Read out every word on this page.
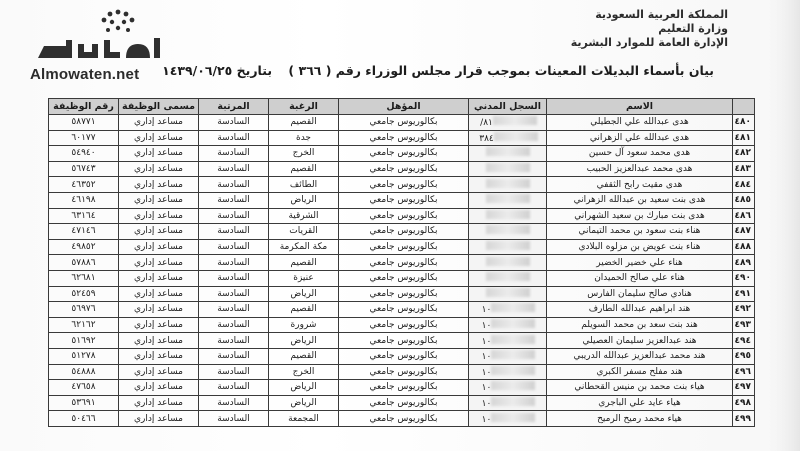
Almowaten.net
المملكة العربية السعودية
وزارة التعليم
الإدارة العامة للموارد البشرية
بيان بأسماء البديلات المعينات بموجب قرار مجلس الوزراء رقم ( ٣٦٦ ) بتاريخ ١٤٣٩/٠٦/٢٥
	الاسم	السجل المدني	المؤهل	الرغبة	المرتبة	مسمى الوظيفة	رقم الوظيفة
٤٨٠	هدى عبدالله علي الجطيلي	٨١/	بكالوريوس جامعي	القصيم	السادسة	مساعد إداري	٥٨٧٧١
٤٨١	هدى عبدالله علي الزهراني	٣٨٤	بكالوريوس جامعي	جدة	السادسة	مساعد إداري	٦٠١٧٧
٤٨٢	هدى محمد سعود آل حسين		بكالوريوس جامعي	الخرج	السادسة	مساعد إداري	٥٤٩٤٠
٤٨٣	هدى محمد عبدالعزيز الحبيب		بكالوريوس جامعي	القصيم	السادسة	مساعد إداري	٥٦٧٤٣
٤٨٤	هدى مقيت رابح الثقفي		بكالوريوس جامعي	الطائف	السادسة	مساعد إداري	٤٦٣٥٢
٤٨٥	هدى بنت سعيد بن عبدالله الزهراني		بكالوريوس جامعي	الرياض	السادسة	مساعد إداري	٤٦١٩٨
٤٨٦	هدى بنت مبارك بن سعيد الشهراني		بكالوريوس جامعي	الشرقية	السادسة	مساعد إداري	٦٣١٦٤
٤٨٧	هناء بنت سعود بن محمد التيماني		بكالوريوس جامعي	القريات	السادسة	مساعد إداري	٤٧١٤٦
٤٨٨	هناء بنت عويض بن مزلوه البلادي		بكالوريوس جامعي	مكة المكرمة	السادسة	مساعد إداري	٤٩٨٥٢
٤٨٩	هناء علي خضير الخضير		بكالوريوس جامعي	القصيم	السادسة	مساعد إداري	٥٧٨٨٦
٤٩٠	هناء علي صالح الحميدان		بكالوريوس جامعي	عنيزة	السادسة	مساعد إداري	٦٢٦٨١
٤٩١	هنادي صالح سليمان الفارس		بكالوريوس جامعي	الرياض	السادسة	مساعد إداري	٥٢٤٥٩
٤٩٢	هند ابراهيم عبدالله الطارف	١٠	بكالوريوس جامعي	القصيم	السادسة	مساعد إداري	٥٦٩٧٦
٤٩٣	هند بنت سعد بن محمد السويلم	١٠	بكالوريوس جامعي	شرورة	السادسة	مساعد إداري	٦٢١٦٢
٤٩٤	هند عبدالعزيز سليمان العصيلي	١٠	بكالوريوس جامعي	الرياض	السادسة	مساعد إداري	٥١٦٩٢
٤٩٥	هند محمد عبدالعزيز عبدالله الدريبي	١٠	بكالوريوس جامعي	القصيم	السادسة	مساعد إداري	٥١٢٧٨
٤٩٦	هند مفلح مسفر الكبري	١٠	بكالوريوس جامعي	الخرج	السادسة	مساعد إداري	٥٤٨٨٨
٤٩٧	هياء بنت محمد بن منيس القحطاني	١٠	بكالوريوس جامعي	الرياض	السادسة	مساعد إداري	٤٧٦٥٨
٤٩٨	هياء عايد علي الباجري	١٠	بكالوريوس جامعي	الرياض	السادسة	مساعد إداري	٥٣٦٩١
٤٩٩	هياء محمد رميح الرميح	١٠	بكالوريوس جامعي	المجمعة	السادسة	مساعد إداري	٥٠٤٦٦
